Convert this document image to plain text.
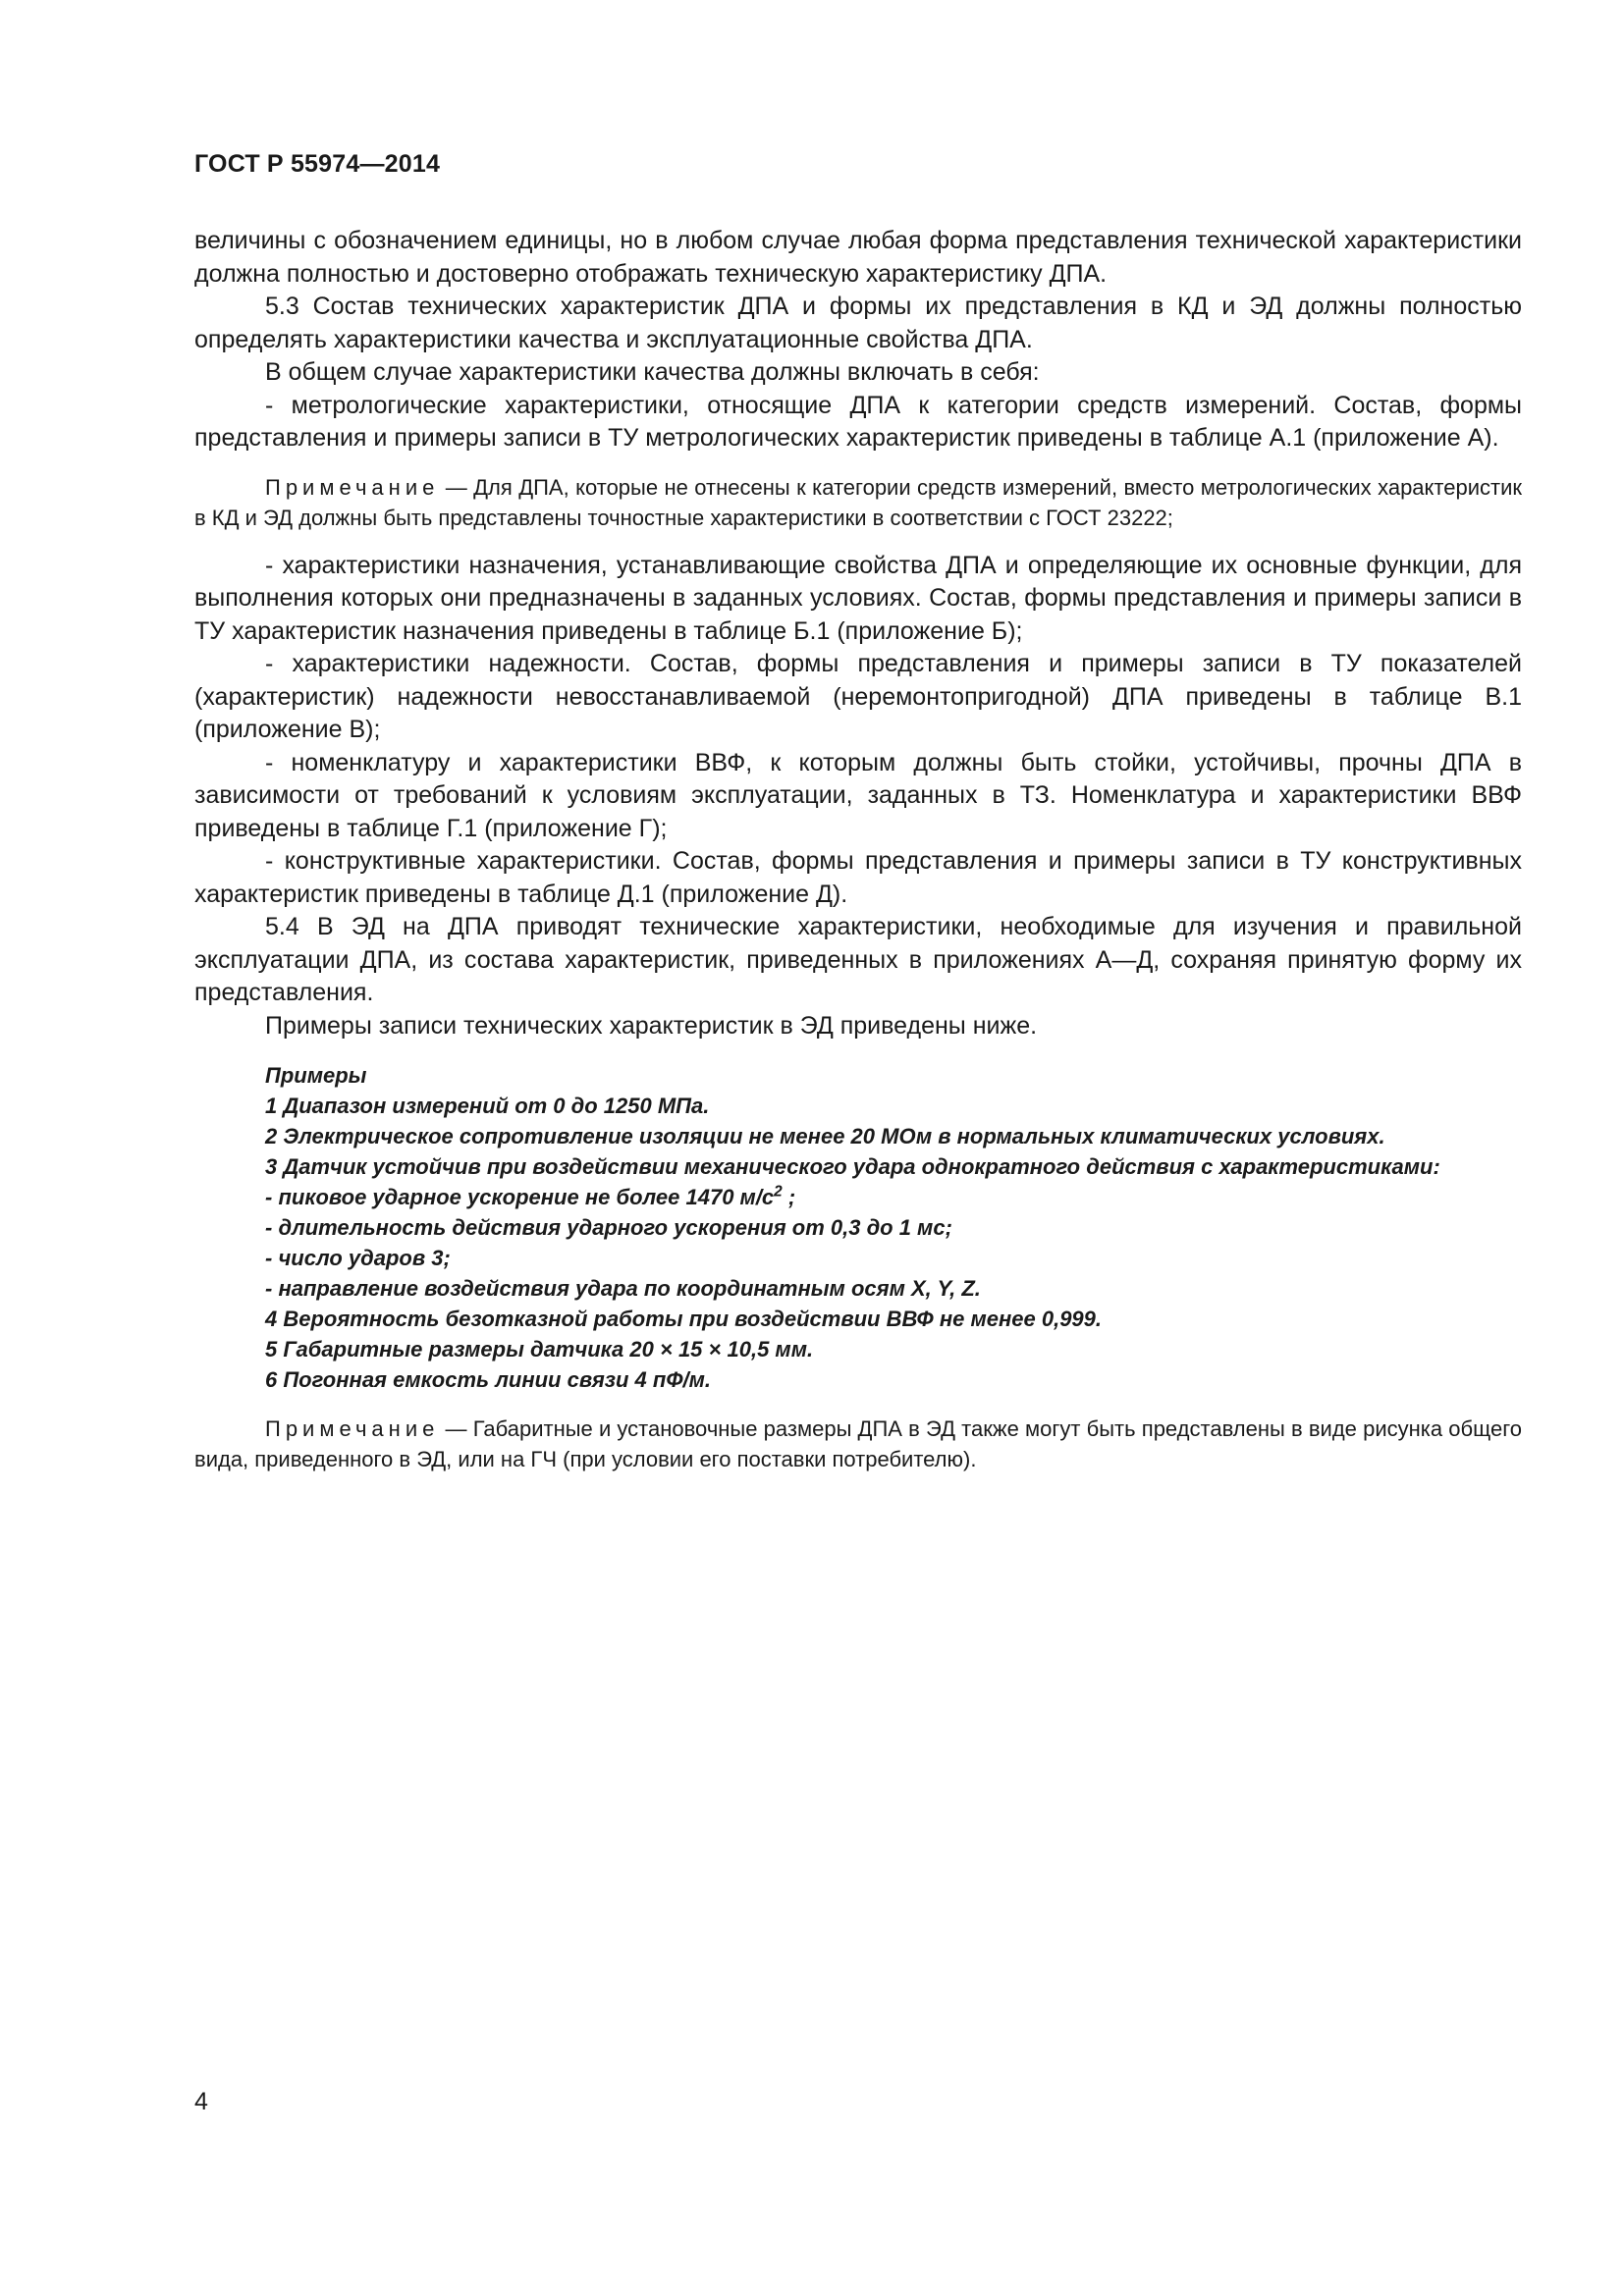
ГОСТ Р 55974—2014

величины с обозначением единицы, но в любом случае любая форма представления технической характеристики должна полностью и достоверно отображать техническую характеристику ДПА.

5.3 Состав технических характеристик ДПА и формы их представления в КД и ЭД должны полностью определять характеристики качества и эксплуатационные свойства ДПА.

В общем случае характеристики качества должны включать в себя:

- метрологические характеристики, относящие ДПА к категории средств измерений. Состав, формы представления и примеры записи в ТУ метрологических характеристик приведены в таблице А.1 (приложение А).

Примечание — Для ДПА, которые не отнесены к категории средств измерений, вместо метрологических характеристик в КД и ЭД должны быть представлены точностные характеристики в соответствии с ГОСТ 23222;

- характеристики назначения, устанавливающие свойства ДПА и определяющие их основные функции, для выполнения которых они предназначены в заданных условиях. Состав, формы представления и примеры записи в ТУ характеристик назначения приведены в таблице Б.1 (приложение Б);

- характеристики надежности. Состав, формы представления и примеры записи в ТУ показателей (характеристик) надежности невосстанавливаемой (неремонтопригодной) ДПА приведены в таблице В.1 (приложение В);

- номенклатуру и характеристики ВВФ, к которым должны быть стойки, устойчивы, прочны ДПА в зависимости от требований к условиям эксплуатации, заданных в ТЗ. Номенклатура и характеристики ВВФ приведены в таблице Г.1 (приложение Г);

- конструктивные характеристики. Состав, формы представления и примеры записи в ТУ конструктивных характеристик приведены в таблице Д.1 (приложение Д).

5.4 В ЭД на ДПА приводят технические характеристики, необходимые для изучения и правильной эксплуатации ДПА, из состава характеристик, приведенных в приложениях А—Д, сохраняя принятую форму их представления.

Примеры записи технических характеристик в ЭД приведены ниже.

Примеры

1 Диапазон измерений от 0 до 1250 МПа.

2 Электрическое сопротивление изоляции не менее 20 МОм в нормальных климатических условиях.

3 Датчик устойчив при воздействии механического удара однократного действия с характеристиками:

- пиковое ударное ускорение не более 1470 $м/с^2$ ;

- длительность действия ударного ускорения от 0,3 до 1 мс;

- число ударов 3;

- направление воздействия удара по координатным осям X, Y, Z.

4 Вероятность безотказной работы при воздействии ВВФ не менее 0,999.

5 Габаритные размеры датчика 20 × 15 × 10,5 мм.

6 Погонная емкость линии связи 4 пФ/м.

Примечание — Габаритные и установочные размеры ДПА в ЭД также могут быть представлены в виде рисунка общего вида, приведенного в ЭД, или на ГЧ (при условии его поставки потребителю).

4
